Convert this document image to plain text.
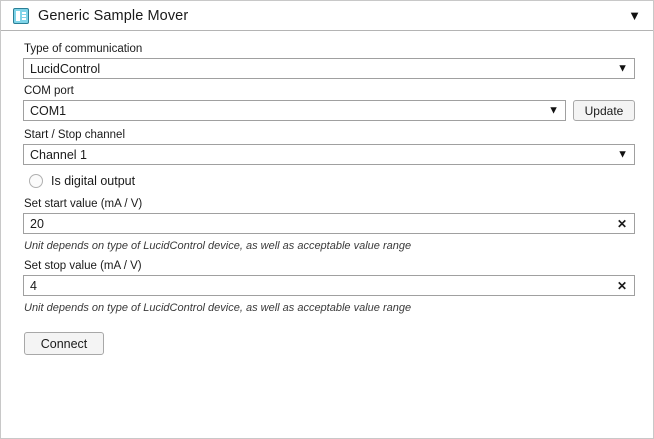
Generic Sample Mover	▼
Type of communication
LucidControl	▼
COM port
COM1	▼	Update
Start / Stop channel
Channel 1	▼
Is digital output
Set start value (mA / V)
20	✕
Unit depends on type of LucidControl device, as well as acceptable value range
Set stop value (mA / V)
4	✕
Unit depends on type of LucidControl device, as well as acceptable value range
Connect
